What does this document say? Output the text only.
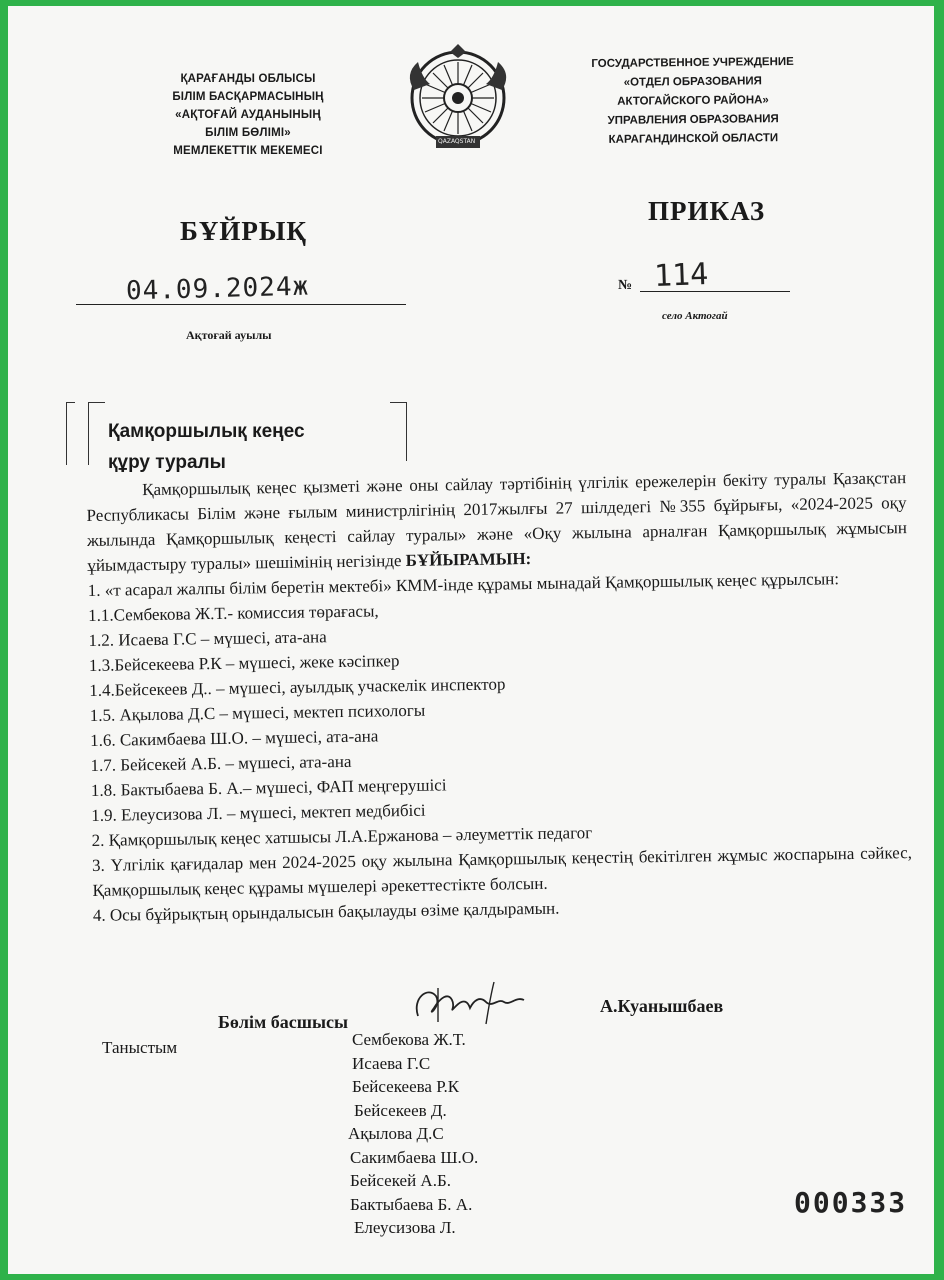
ҚАРАҒАНДЫ ОБЛЫСЫ
БІЛІМ БАСҚАРМАСЫНЫҢ
«АҚТОҒАЙ АУДАНЫНЫҢ
БІЛІМ БӨЛІМІ»
МЕМЛЕКЕТТІК МЕКЕМЕСІ
QAZAQSTAN
ГОСУДАРСТВЕННОЕ УЧРЕЖДЕНИЕ
«ОТДЕЛ ОБРАЗОВАНИЯ
АКТОГАЙСКОГО РАЙОНА»
УПРАВЛЕНИЯ ОБРАЗОВАНИЯ
КАРАГАНДИНСКОЙ ОБЛАСТИ
БҰЙРЫҚ
ПРИКАЗ
04.09.2024ж
Ақтоғай ауылы
№ 114
село Актогай
Қамқоршылық кеңес
құру туралы

Қамқоршылық кеңес қызметі және оны сайлау тәртібінің үлгілік ережелерін бекіту туралы Қазақстан Республикасы Білім және ғылым министрлігінің 2017жылғы 27 шілдедегі №355 бұйрығы, «2024-2025 оқу жылында Қамқоршылық кеңесті сайлау туралы» және «Оқу жылына арналған Қамқоршылық жұмысын ұйымдастыру туралы» шешімінің негізінде БҰЙЫРАМЫН:

1. «т асарал жалпы білім беретін мектебі» КММ-інде құрамы мынадай Қамқоршылық кеңес құрылсын:

1.1.Сембекова Ж.Т.- комиссия төрағасы,

1.2. Исаева Г.С – мүшесі, ата-ана

1.3.Бейсекеева Р.К – мүшесі, жеке кәсіпкер

1.4.Бейсекеев Д.. – мүшесі, ауылдық учаскелік инспектор

1.5. Ақылова Д.С – мүшесі, мектеп психологы

1.6. Сакимбаева Ш.О. – мүшесі, ата-ана

1.7. Бейсекей А.Б. – мүшесі, ата-ана

1.8. Бактыбаева Б. А.– мүшесі, ФАП меңгерушісі

1.9. Елеусизова Л. – мүшесі, мектеп медбибісі

2. Қамқоршылық кеңес хатшысы Л.А.Ержанова – әлеуметтік педагог

3. Үлгілік қағидалар мен 2024-2025 оқу жылына Қамқоршылық кеңестің бекітілген жұмыс жоспарына сәйкес, Қамқоршылық кеңес құрамы мүшелері әрекеттестікте болсын.

4. Осы бұйрықтың орындалысын бақылауды өзіме қалдырамын.

Бөлім басшысы
А.Куанышбаев
Таныстым	Сембекова Ж.Т.
Исаева Г.С
Бейсекеева Р.К
Бейсекеев Д.
Ақылова Д.С
Сакимбаева Ш.О.
Бейсекей А.Б.
Бактыбаева Б. А.
Елеусизова Л.
000333
